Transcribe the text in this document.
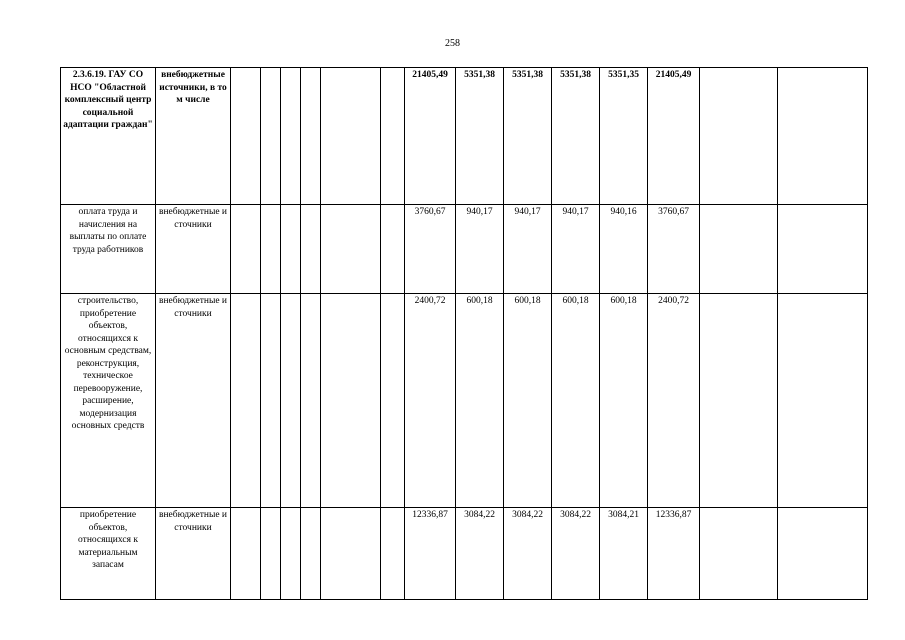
258
2.3.6.19. ГАУ СО НСО "Областной комплексный центр социальной адаптации граждан"	внебюджетные источники, в том числе							21405,49	5351,38	5351,38	5351,38	5351,35	21405,49		
оплата труда и начисления на выплаты по оплате труда работников	внебюджетные источники							3760,67	940,17	940,17	940,17	940,16	3760,67		
строительство, приобретение объектов, относящихся к основным средствам, реконструкция, техническое перевооружение, расширение, модернизация основных средств	внебюджетные источники							2400,72	600,18	600,18	600,18	600,18	2400,72		
приобретение объектов, относящихся к материальным запасам	внебюджетные источники							12336,87	3084,22	3084,22	3084,22	3084,21	12336,87		
